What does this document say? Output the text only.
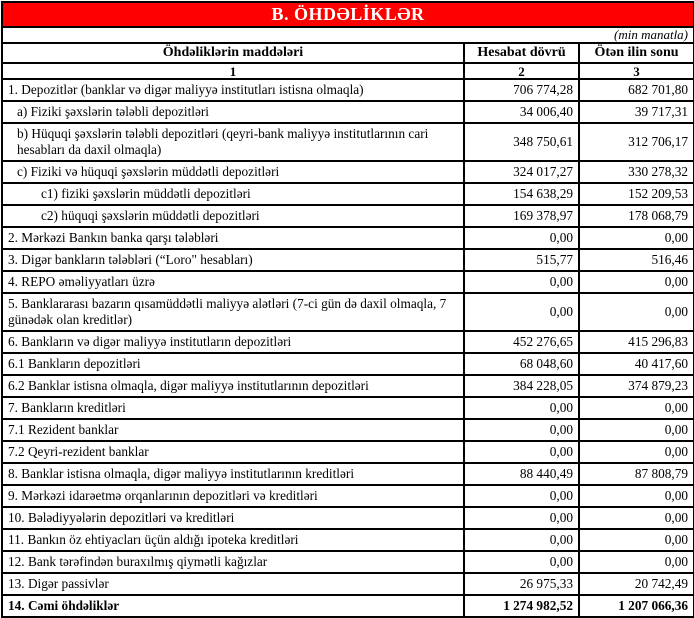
B. ÖHDƏLİKLƏR		
(min manatla)		
Öhdəliklərin maddələri	Hesabat dövrü	Ötən ilin sonu
1	2	3
1. Depozitlər (banklar və digər maliyyə institutları istisna olmaqla)	706 774,28	682 701,80
a) Fiziki şəxslərin tələbli depozitləri	34 006,40	39 717,31
b) Hüquqi şəxslərin tələbli depozitləri (qeyri-bank maliyyə institutlarının cari hesabları da daxil olmaqla)	348 750,61	312 706,17
c) Fiziki və hüquqi şəxslərin müddətli depozitləri	324 017,27	330 278,32
c1) fiziki şəxslərin müddətli depozitləri	154 638,29	152 209,53
c2) hüquqi şəxslərin müddətli depozitləri	169 378,97	178 068,79
2. Mərkəzi Bankın banka qarşı tələbləri	0,00	0,00
3. Digər bankların tələbləri (“Loro" hesabları)	515,77	516,46
4. REPO əməliyyatları üzrə	0,00	0,00
5. Banklararası bazarın qısamüddətli maliyyə alətləri (7-ci gün də daxil olmaqla, 7 günədək olan kreditlər)	0,00	0,00
6. Bankların və digər maliyyə institutların depozitləri	452 276,65	415 296,83
6.1 Bankların depozitləri	68 048,60	40 417,60
6.2 Banklar istisna olmaqla, digər maliyyə institutlarının depozitləri	384 228,05	374 879,23
7. Bankların kreditləri	0,00	0,00
7.1 Rezident banklar	0,00	0,00
7.2 Qeyri-rezident banklar	0,00	0,00
8. Banklar istisna olmaqla, digər maliyyə institutlarının kreditləri	88 440,49	87 808,79
9. Mərkəzi idarəetmə orqanlarının depozitləri və kreditləri	0,00	0,00
10. Bələdiyyələrin depozitləri və kreditləri	0,00	0,00
11. Bankın öz ehtiyacları üçün aldığı ipoteka kreditləri	0,00	0,00
12. Bank tərəfindən buraxılmış qiymətli kağızlar	0,00	0,00
13. Digər passivlər	26 975,33	20 742,49
14. Cəmi öhdəliklər	1 274 982,52	1 207 066,36
